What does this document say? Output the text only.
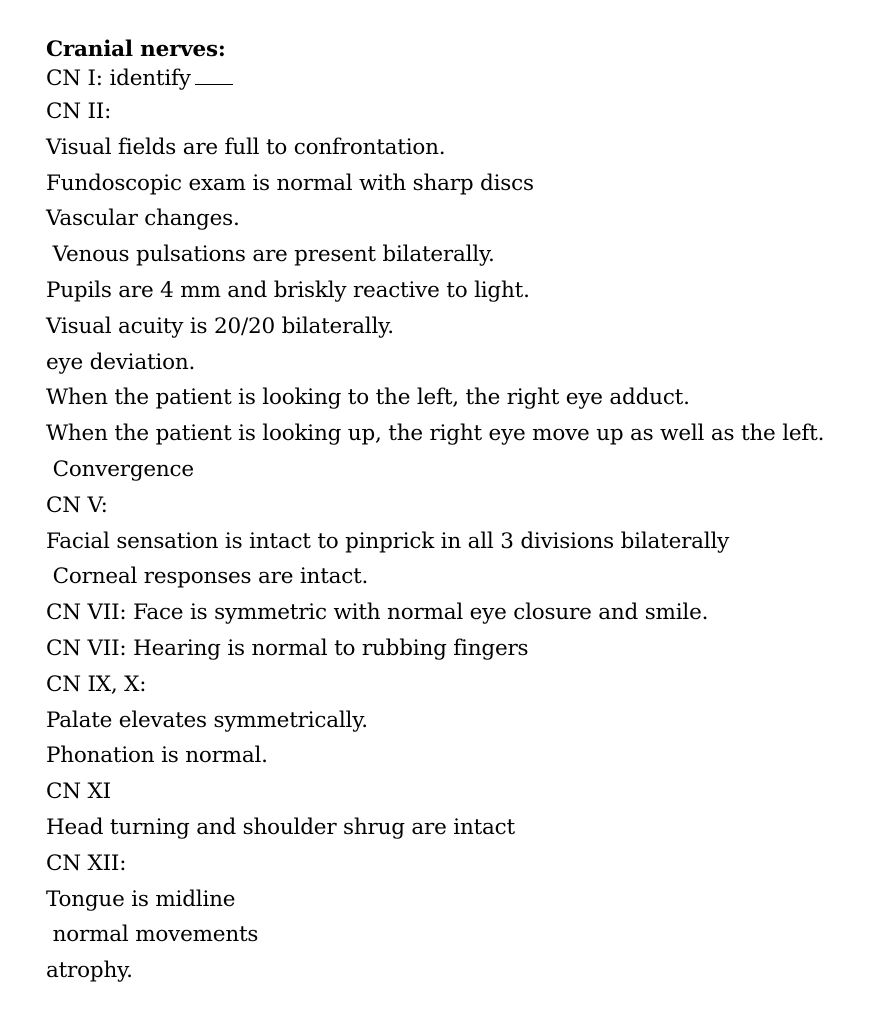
Cranial nerves:

CN I: identify

CN II:

Visual fields are full to confrontation.

Fundoscopic exam is normal with sharp discs

Vascular changes.

Venous pulsations are present bilaterally.

Pupils are 4 mm and briskly reactive to light.

Visual acuity is 20/20 bilaterally.

eye deviation.

When the patient is looking to the left, the right eye adduct.

When the patient is looking up, the right eye move up as well as the left.

Convergence

CN V:

Facial sensation is intact to pinprick in all 3 divisions bilaterally

Corneal responses are intact.

CN VII: Face is symmetric with normal eye closure and smile.

CN VII: Hearing is normal to rubbing fingers

CN IX, X:

Palate elevates symmetrically.

Phonation is normal.

CN XI

Head turning and shoulder shrug are intact

CN XII:

Tongue is midline

normal movements

atrophy.
